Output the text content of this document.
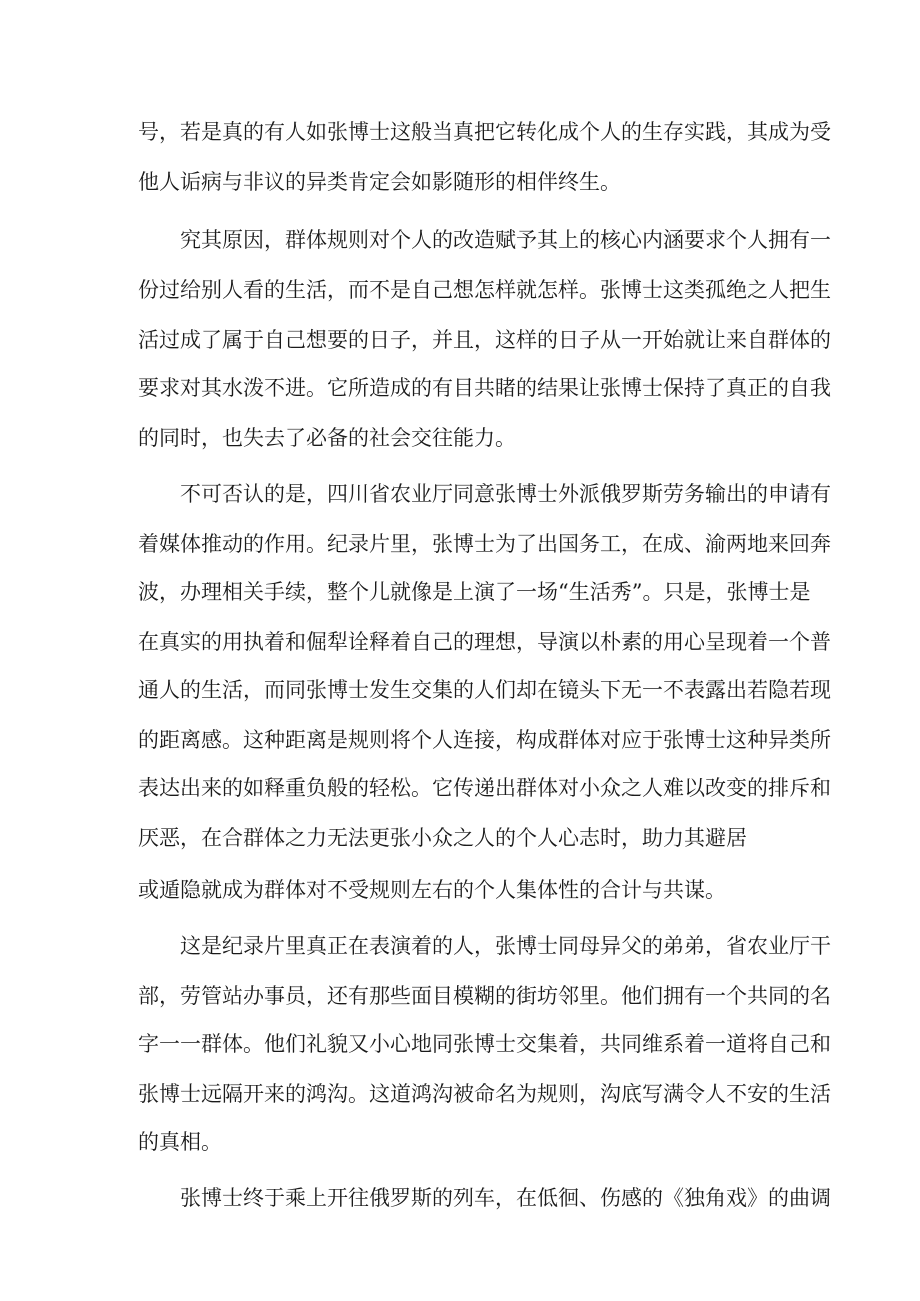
号，若是真的有人如张博士这般当真把它转化成个人的生存实践，其成为受

他人诟病与非议的异类肯定会如影随形的相伴终生。

究其原因，群体规则对个人的改造赋予其上的核心内涵要求个人拥有一

份过给别人看的生活，而不是自己想怎样就怎样。张博士这类孤绝之人把生

活过成了属于自己想要的日子，并且，这样的日子从一开始就让来自群体的

要求对其水泼不进。它所造成的有目共睹的结果让张博士保持了真正的自我

的同时，也失去了必备的社会交往能力。

不可否认的是，四川省农业厅同意张博士外派俄罗斯劳务输出的申请有

着媒体推动的作用。纪录片里，张博士为了出国务工，在成、渝两地来回奔

波，办理相关手续，整个儿就像是上演了一场“生活秀”。只是，张博士是

在真实的用执着和倔犁诠释着自己的理想，导演以朴素的用心呈现着一个普

通人的生活，而同张博士发生交集的人们却在镜头下无一不表露出若隐若现

的距离感。这种距离是规则将个人连接，构成群体对应于张博士这种异类所

表达出来的如释重负般的轻松。它传递出群体对小众之人难以改变的排斥和

厌恶，在合群体之力无法更张小众之人的个人心志时，助力其避居

或遁隐就成为群体对不受规则左右的个人集体性的合计与共谋。

这是纪录片里真正在表演着的人，张博士同母异父的弟弟，省农业厅干

部，劳管站办事员，还有那些面目模糊的街坊邻里。他们拥有一个共同的名

字一一群体。他们礼貌又小心地同张博士交集着，共同维系着一道将自己和

张博士远隔开来的鸿沟。这道鸿沟被命名为规则，沟底写满令人不安的生活

的真相。

张博士终于乘上开往俄罗斯的列车，在低徊、伤感的《独角戏》的曲调
